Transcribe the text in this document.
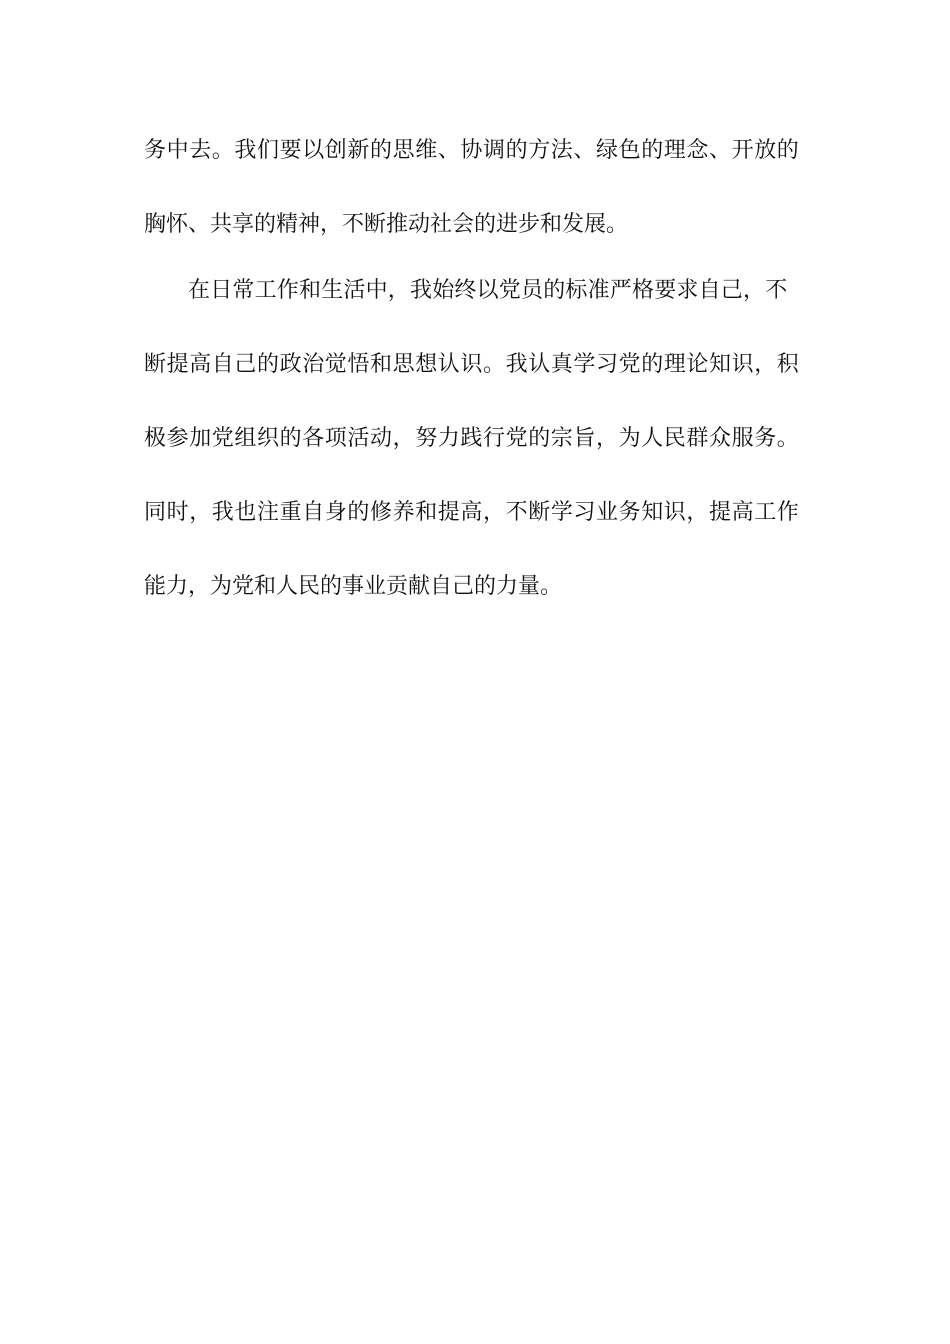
务中去。我们要以创新的思维、协调的方法、绿色的理念、开放的
胸怀、共享的精神，不断推动社会的进步和发展。
在日常工作和生活中，我始终以党员的标准严格要求自己，不
断提高自己的政治觉悟和思想认识。我认真学习党的理论知识，积
极参加党组织的各项活动，努力践行党的宗旨，为人民群众服务。
同时，我也注重自身的修养和提高，不断学习业务知识，提高工作
能力，为党和人民的事业贡献自己的力量。
